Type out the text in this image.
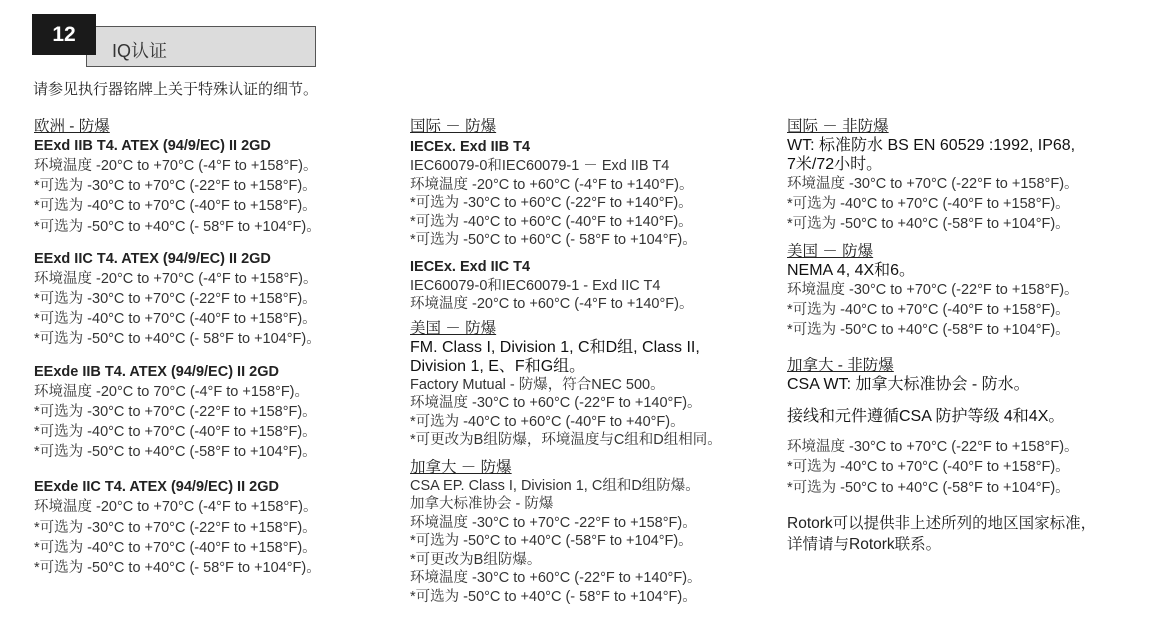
12
IQ认证
请参见执行器铭牌上关于特殊认证的细节。
欧洲 - 防爆
EExd IIB T4. ATEX (94/9/EC) II 2GD
环境温度 -20°C to +70°C (-4°F to +158°F)。
*可选为 -30°C to +70°C (-22°F to +158°F)。
*可选为 -40°C to +70°C (-40°F to +158°F)。
*可选为 -50°C to +40°C (- 58°F to +104°F)。
EExd IIC T4. ATEX (94/9/EC) II 2GD
环境温度 -20°C to +70°C (-4°F to +158°F)。
*可选为 -30°C to +70°C (-22°F to +158°F)。
*可选为 -40°C to +70°C (-40°F to +158°F)。
*可选为 -50°C to +40°C (- 58°F to +104°F)。
EExde IIB T4. ATEX (94/9/EC) II 2GD
环境温度 -20°C to 70°C (-4°F to +158°F)。
*可选为 -30°C to +70°C (-22°F to +158°F)。
*可选为 -40°C to +70°C (-40°F to +158°F)。
*可选为 -50°C to +40°C (-58°F to +104°F)。
EExde IIC T4. ATEX (94/9/EC) II 2GD
环境温度 -20°C to +70°C (-4°F to +158°F)。
*可选为 -30°C to +70°C (-22°F to +158°F)。
*可选为 -40°C to +70°C (-40°F to +158°F)。
*可选为 -50°C to +40°C (- 58°F to +104°F)。
国际 － 防爆
IECEx. Exd IIB T4
IEC60079-0和IEC60079-1 － Exd IIB T4
环境温度 -20°C to +60°C (-4°F to +140°F)。
*可选为 -30°C to +60°C (-22°F to +140°F)。
*可选为 -40°C to +60°C (-40°F to +140°F)。
*可选为 -50°C to +60°C (- 58°F to +104°F)。
IECEx. Exd IIC T4
IEC60079-0和IEC60079-1 - Exd IIC T4
环境温度 -20°C to +60°C (-4°F to +140°F)。
美国 － 防爆
FM. Class I, Division 1, C和D组, Class II, Division 1, E、F和G组。
Factory Mutual - 防爆，符合NEC 500。
环境温度 -30°C to +60°C (-22°F to +140°F)。
*可选为 -40°C to +60°C (-40°F to +40°F)。
*可更改为B组防爆，环境温度与C组和D组相同。
加拿大 － 防爆
CSA EP. Class I, Division 1, C组和D组防爆。
加拿大标准协会 - 防爆
环境温度 -30°C to +70°C -22°F to +158°F)。
*可选为 -50°C to +40°C (-58°F to +104°F)。
*可更改为B组防爆。
环境温度 -30°C to +60°C (-22°F to +140°F)。
*可选为 -50°C to +40°C (- 58°F to +104°F)。
国际 － 非防爆
WT: 标准防水 BS EN 60529 :1992, IP68, 7米/72小时。
环境温度 -30°C to +70°C (-22°F to +158°F)。
*可选为 -40°C to +70°C (-40°F to +158°F)。
*可选为 -50°C to +40°C (-58°F to +104°F)。
美国 － 防爆
NEMA 4, 4X和6。
环境温度 -30°C to +70°C (-22°F to +158°F)。
*可选为 -40°C to +70°C (-40°F to +158°F)。
*可选为 -50°C to +40°C (-58°F to +104°F)。
加拿大 - 非防爆
CSA WT: 加拿大标准协会 - 防水。
接线和元件遵循CSA 防护等级 4和4X。
环境温度 -30°C to +70°C (-22°F to +158°F)。
*可选为 -40°C to +70°C (-40°F to +158°F)。
*可选为 -50°C to +40°C (-58°F to +104°F)。
Rotork可以提供非上述所列的地区国家标准，详情请与Rotork联系。
